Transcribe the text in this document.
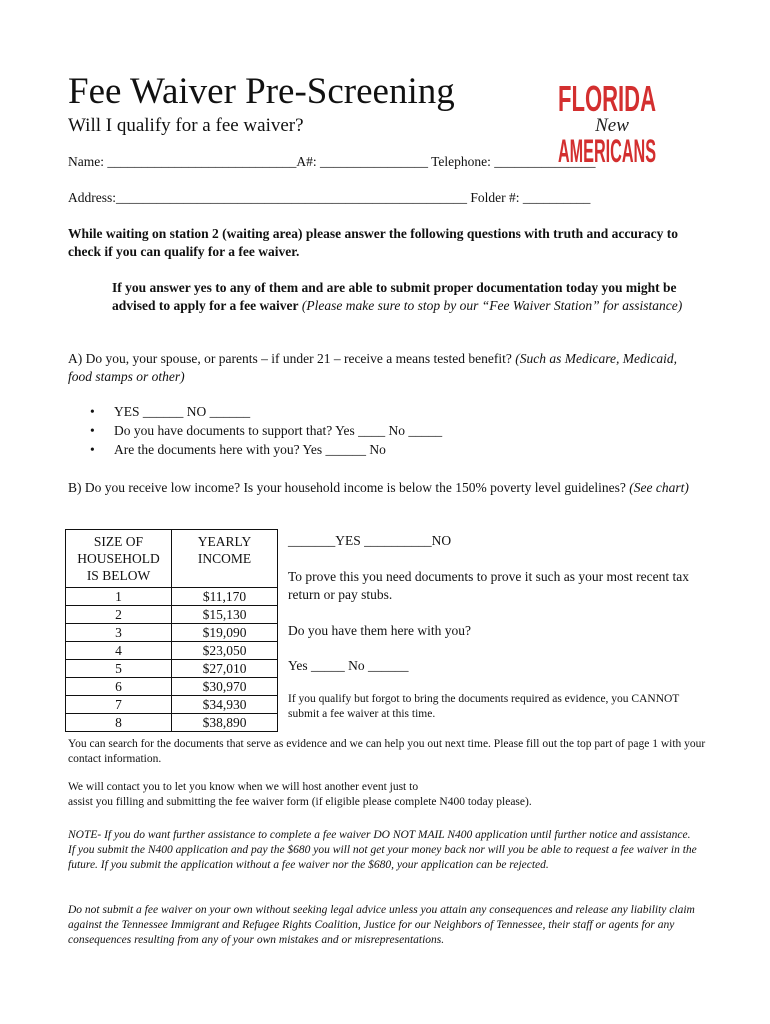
Fee Waiver Pre-Screening
Will I qualify for a fee waiver?
FLORIDA
New
AMERICANS
Name: ____________________________A#: ________________ Telephone: _______________
Address:____________________________________________________ Folder #: __________
While waiting on station 2 (waiting area) please answer the following questions with truth and accuracy to check if you can qualify for a fee waiver.
If you answer yes to any of them and are able to submit proper documentation today you might be advised to apply for a fee waiver (Please make sure to stop by our “Fee Waiver Station” for assistance)
A) Do you, your spouse, or parents – if under 21 – receive a means tested benefit? (Such as Medicare, Medicaid, food stamps or other)
• YES ______ NO ______
• Do you have documents to support that? Yes ____ No _____
• Are the documents here with you? Yes ______ No
B) Do you receive low income? Is your household income is below the 150% poverty level guidelines? (See chart)
SIZE OF HOUSEHOLD IS BELOW	YEARLY INCOME
1	$11,170
2	$15,130
3	$19,090
4	$23,050
5	$27,010
6	$30,970
7	$34,930
8	$38,890
_______YES __________NO
To prove this you need documents to prove it such as your most recent tax return or pay stubs.
Do you have them here with you?
Yes _____ No ______
If you qualify but forgot to bring the documents required as evidence, you CANNOT submit a fee waiver at this time.
You can search for the documents that serve as evidence and we can help you out next time. Please fill out the top part of page 1 with your contact information.
We will contact you to let you know when we will host another event just to
assist you filling and submitting the fee waiver form (if eligible please complete N400 today please).
NOTE- If you do want further assistance to complete a fee waiver DO NOT MAIL N400 application until further notice and assistance. If you submit the N400 application and pay the $680 you will not get your money back nor will you be able to request a fee waiver in the future. If you submit the application without a fee waiver nor the $680, your application can be rejected.
Do not submit a fee waiver on your own without seeking legal advice unless you attain any consequences and release any liability claim against the Tennessee Immigrant and Refugee Rights Coalition, Justice for our Neighbors of Tennessee, their staff or agents for any consequences resulting from any of your own mistakes and or misrepresentations.
